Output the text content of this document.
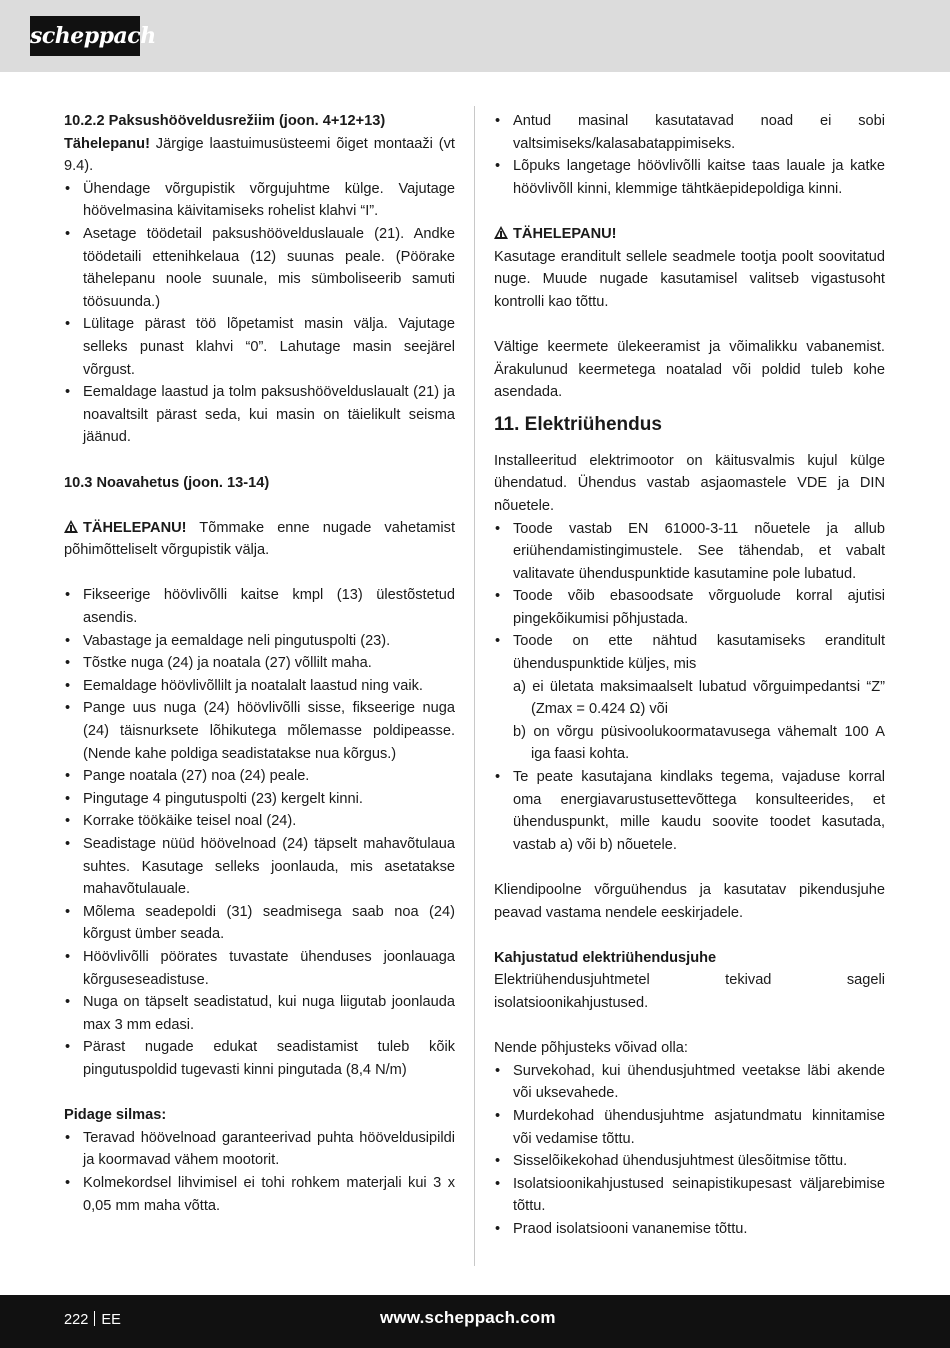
scheppach

10.2.2 Paksushööveldusrežiim (joon. 4+12+13)

Tähelepanu! Järgige laastuimusüsteemi õiget montaaži (vt 9.4).

• Ühendage võrgupistik võrgujuhtme külge. Vajutage höövelmasina käivitamiseks rohelist klahvi “I”.
• Asetage töödetail paksushöövelduslauale (21). Andke töödetaili ettenihkelaua (12) suunas peale. (Pöörake tähelepanu noole suunale, mis sümboliseerib samuti töösuunda.)
• Lülitage pärast töö lõpetamist masin välja. Vajutage selleks punast klahvi “0”. Lahutage masin seejärel võrgust.
• Eemaldage laastud ja tolm paksushöövelduslaualt (21) ja noavaltsilt pärast seda, kui masin on täielikult seisma jäänud.

10.3 Noavahetus (joon. 13-14)

TÄHELEPANU! Tõmmake enne nugade vahetamist põhimõtteliselt võrgupistik välja.

• Fikseerige höövlivõlli kaitse kmpl (13) ülestõstetud asendis.
• Vabastage ja eemaldage neli pingutuspolti (23).
• Tõstke nuga (24) ja noatala (27) võllilt maha.
• Eemaldage höövlivõllilt ja noatalalt laastud ning vaik.
• Pange uus nuga (24) höövlivõlli sisse, fikseerige nuga (24) täisnurksete lõhikutega mõlemasse poldipeasse. (Nende kahe poldiga seadistatakse nua kõrgus.)
• Pange noatala (27) noa (24) peale.
• Pingutage 4 pingutuspolti (23) kergelt kinni.
• Korrake töökäike teisel noal (24).
• Seadistage nüüd höövelnoad (24) täpselt mahavõtulaua suhtes. Kasutage selleks joonlauda, mis asetatakse mahavõtulauale.
• Mõlema seadepoldi (31) seadmisega saab noa (24) kõrgust ümber seada.
• Höövlivõlli pöörates tuvastate ühenduses joonlauaga kõrguseseadistuse.
• Nuga on täpselt seadistatud, kui nuga liigutab joonlauda max 3 mm edasi.
• Pärast nugade edukat seadistamist tuleb kõik pingutuspoldid tugevasti kinni pingutada (8,4 N/m)

Pidage silmas:

• Teravad höövelnoad garanteerivad puhta hööveldusipildi ja koormavad vähem mootorit.
• Kolmekordsel lihvimisel ei tohi rohkem materjali kui 3 x 0,05 mm maha võtta.
• Antud masinal kasutatavad noad ei sobi valtsimiseks/kalasabatappimiseks.
• Lõpuks langetage höövlivõlli kaitse taas lauale ja katke höövlivõll kinni, klemmige tähtkäepidepoldiga kinni.

TÄHELEPANU!

Kasutage eranditult sellele seadmele tootja poolt soovitatud nuge. Muude nugade kasutamisel valitseb vigastusoht kontrolli kao tõttu.

Vältige keermete ülekeeramist ja võimalikku vabanemist. Ärakulunud keermetega noatalad või poldid tuleb kohe asendada.

11. Elektriühendus

Installeeritud elektrimootor on käitusvalmis kujul külge ühendatud. Ühendus vastab asjaomastele VDE ja DIN nõuetele.

• Toode vastab EN 61000-3-11 nõuetele ja allub eriühendamistingimustele. See tähendab, et vabalt valitavate ühenduspunktide kasutamine pole lubatud.
• Toode võib ebasoodsate võrguolude korral ajutisi pingekõikumisi põhjustada.
• Toode on ette nähtud kasutamiseks eranditult ühenduspunktide küljes, mis
a) ei ületata maksimaalselt lubatud võrguimpedantsi “Z” (Zmax = 0.424 Ω) või
b) on võrgu püsivoolukoormatavusega vähemalt 100 A iga faasi kohta.
• Te peate kasutajana kindlaks tegema, vajaduse korral oma energiavarustusettevõttega konsulteerides, et ühenduspunkt, mille kaudu soovite toodet kasutada, vastab a) või b) nõuetele.

Kliendipoolne võrguühendus ja kasutatav pikendusjuhe peavad vastama nendele eeskirjadele.

Kahjustatud elektriühendusjuhe

Elektriühendusjuhtmetel tekivad sageli isolatsioonikahjustused.

Nende põhjusteks võivad olla:

• Survekohad, kui ühendusjuhtmed veetakse läbi akende või uksevahede.
• Murdekohad ühendusjuhtme asjatundmatu kinnitamise või vedamise tõttu.
• Sisselõikekohad ühendusjuhtmest ülesõitmise tõttu.
• Isolatsioonikahjustused seinapistikupesast väljarebimise tõttu.
• Praod isolatsiooni vananemise tõttu.
222 EE	www.scheppach.com
